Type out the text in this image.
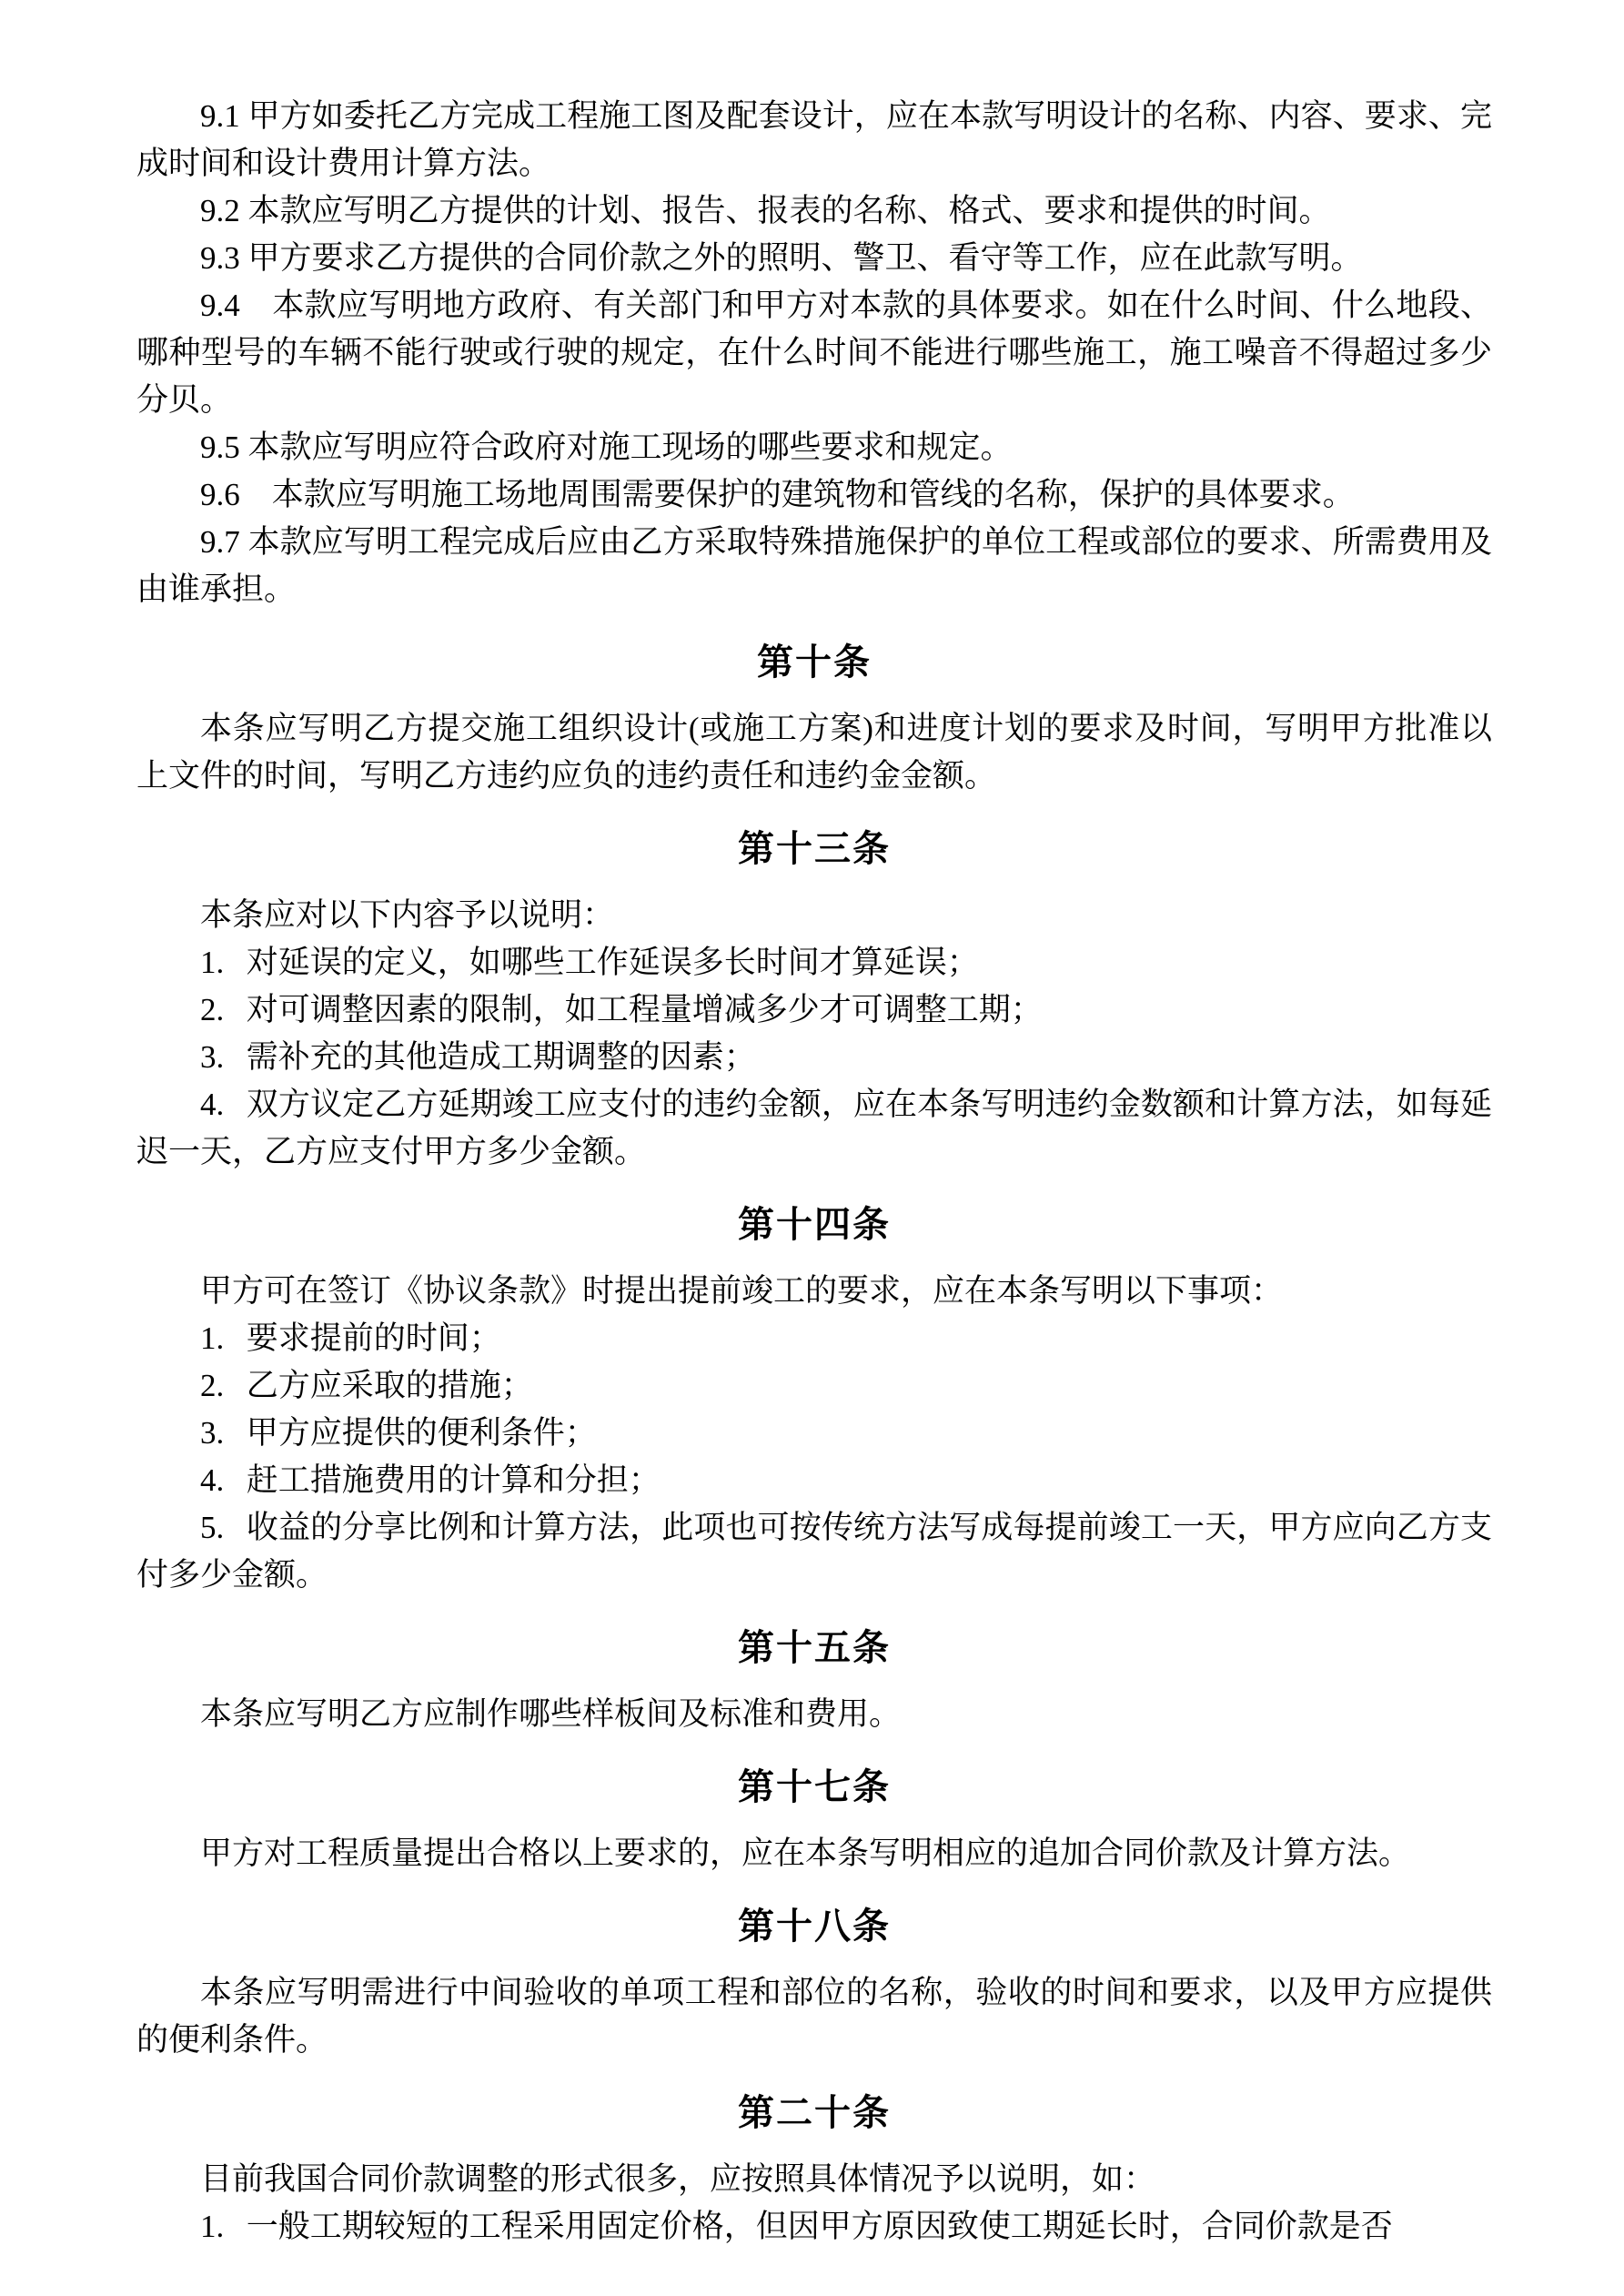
9.1 甲方如委托乙方完成工程施工图及配套设计，应在本款写明设计的名称、内容、要求、完成时间和设计费用计算方法。

9.2 本款应写明乙方提供的计划、报告、报表的名称、格式、要求和提供的时间。

9.3 甲方要求乙方提供的合同价款之外的照明、警卫、看守等工作，应在此款写明。

9.4　本款应写明地方政府、有关部门和甲方对本款的具体要求。如在什么时间、什么地段、哪种型号的车辆不能行驶或行驶的规定，在什么时间不能进行哪些施工，施工噪音不得超过多少分贝。

9.5 本款应写明应符合政府对施工现场的哪些要求和规定。

9.6　本款应写明施工场地周围需要保护的建筑物和管线的名称，保护的具体要求。

9.7 本款应写明工程完成后应由乙方采取特殊措施保护的单位工程或部位的要求、所需费用及由谁承担。

第十条

本条应写明乙方提交施工组织设计(或施工方案)和进度计划的要求及时间，写明甲方批准以上文件的时间，写明乙方违约应负的违约责任和违约金金额。

第十三条

本条应对以下内容予以说明：

1. 对延误的定义，如哪些工作延误多长时间才算延误；

2. 对可调整因素的限制，如工程量增减多少才可调整工期；

3. 需补充的其他造成工期调整的因素；

4. 双方议定乙方延期竣工应支付的违约金额，应在本条写明违约金数额和计算方法，如每延迟一天，乙方应支付甲方多少金额。

第十四条

甲方可在签订《协议条款》时提出提前竣工的要求，应在本条写明以下事项：

1. 要求提前的时间；

2. 乙方应采取的措施；

3. 甲方应提供的便利条件；

4. 赶工措施费用的计算和分担；

5. 收益的分享比例和计算方法，此项也可按传统方法写成每提前竣工一天，甲方应向乙方支付多少金额。

第十五条

本条应写明乙方应制作哪些样板间及标准和费用。

第十七条

甲方对工程质量提出合格以上要求的，应在本条写明相应的追加合同价款及计算方法。

第十八条

本条应写明需进行中间验收的单项工程和部位的名称，验收的时间和要求，以及甲方应提供的便利条件。

第二十条

目前我国合同价款调整的形式很多，应按照具体情况予以说明，如：

1. 一般工期较短的工程采用固定价格，但因甲方原因致使工期延长时，合同价款是否
